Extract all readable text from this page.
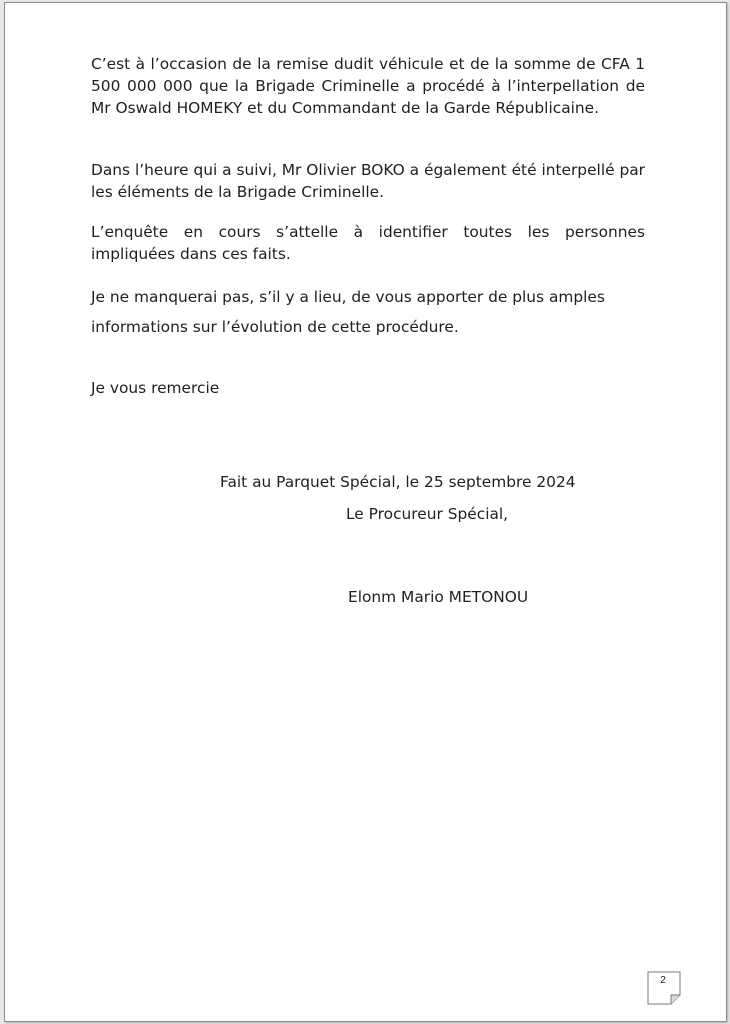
C’est à l’occasion de la remise dudit véhicule et de la somme de CFA 1 500 000 000 que la Brigade Criminelle a procédé à l’interpellation de Mr Oswald HOMEKY et du Commandant de la Garde Républicaine.

Dans l’heure qui a suivi, Mr Olivier BOKO a également été interpellé par les éléments de la Brigade Criminelle.

L’enquête en cours s’attelle à identifier toutes les personnes impliquées dans ces faits.

Je ne manquerai pas, s’il y a lieu, de vous apporter de plus amples

informations sur l’évolution de cette procédure.

Je vous remercie

Fait au Parquet Spécial, le 25 septembre 2024

Le Procureur Spécial,

Elonm Mario METONOU

2
